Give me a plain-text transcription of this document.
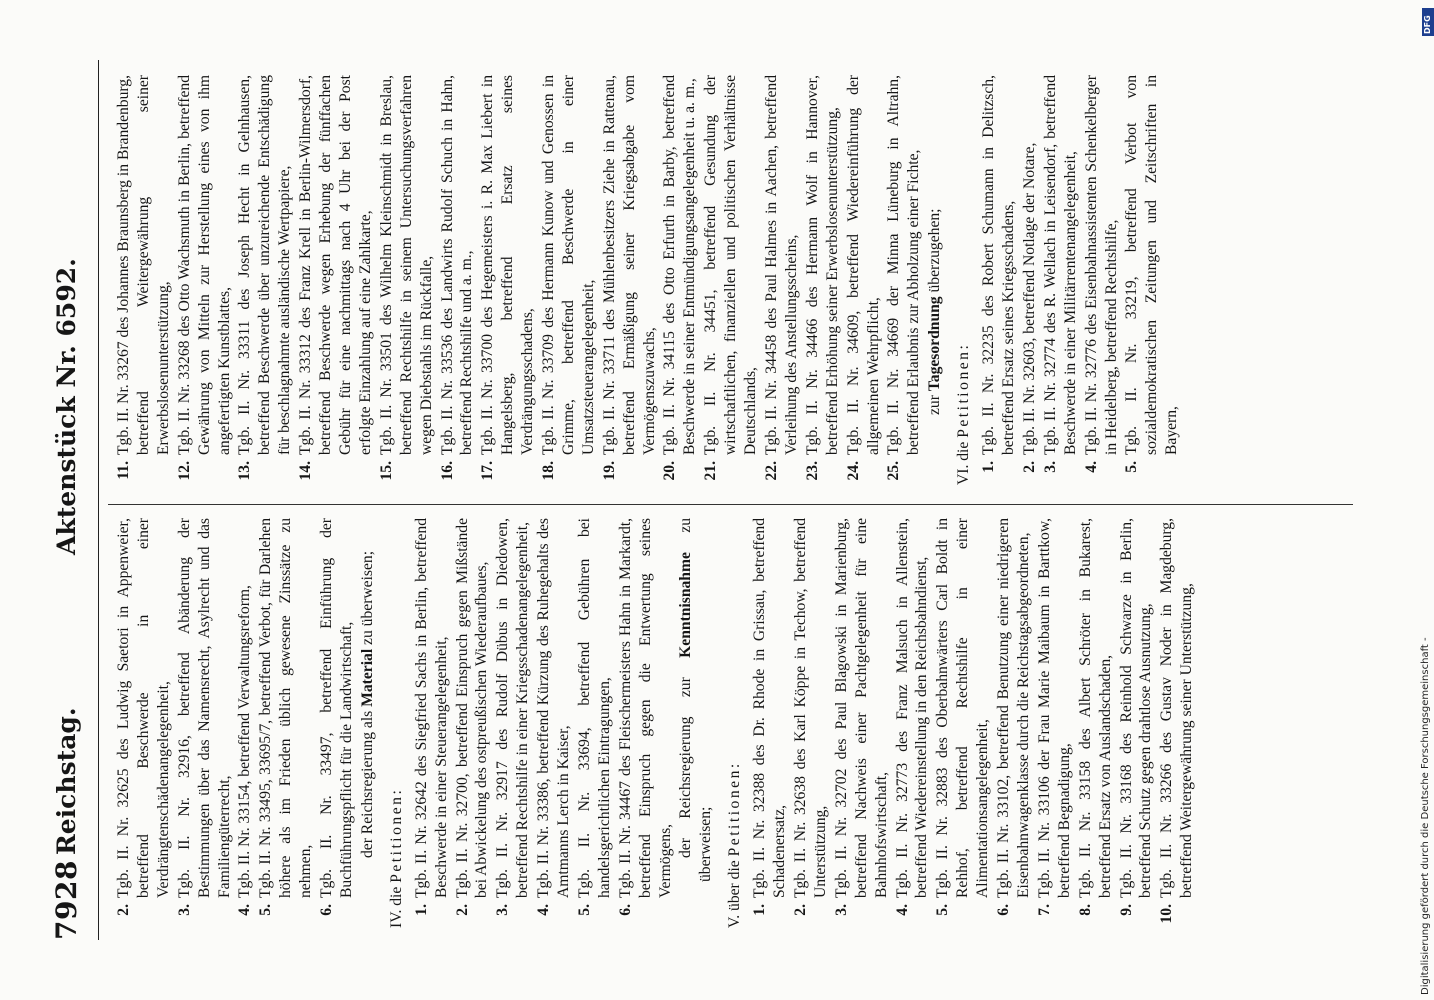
7928
Reichstag.
Aktenstück Nr. 6592.
2.
Tgb. II. Nr. 32625 des Ludwig Saetori in Appenweier, betreffend Beschwerde in einer Verdrängtenschädenangelegenheit,
3.
Tgb. II. Nr. 32916, betreffend Abänderung der Bestimmungen über das Namensrecht, Asylrecht und das Familiengüterrecht,
4.
Tgb. II. Nr. 33154, betreffend Verwaltungsreform,
5.
Tgb. II. Nr. 33495, 33695/7, betreffend Verbot, für Darlehen höhere als im Frieden üblich gewesene Zinssätze zu nehmen,
6.
Tgb. II. Nr. 33497, betreffend Einführung der Buchführungspflicht für die Landwirtschaft, der Reichsregierung als Material zu überweisen;
IV. die Petitionen:
1.
Tgb. II. Nr. 32642 des Siegfried Sachs in Berlin, betreffend Beschwerde in einer Steuerangelegenheit,
2.
Tgb. II. Nr. 32700, betreffend Einspruch gegen Mißstände bei Abwickelung des ostpreußischen Wiederaufbaues,
3.
Tgb. II. Nr. 32917 des Rudolf Dübus in Diedowen, betreffend Rechtshilfe in einer Kriegsschadenangelegenheit,
4.
Tgb. II. Nr. 33386, betreffend Kürzung des Ruhegehalts des Amtmanns Lerch in Kaiser,
5.
Tgb. II. Nr. 33694, betreffend Gebühren bei handelsgerichtlichen Eintragungen,
6.
Tgb. II. Nr. 34467 des Fleischermeisters Hahn in Markardt, betreffend Einspruch gegen die Entwertung seines Vermögens,
der Reichsregierung zur Kenntnisnahme zu überweisen;
V. über die Petitionen:
1.
Tgb. II. Nr. 32388 des Dr. Rhode in Grissau, betreffend Schadenersatz,
2.
Tgb. II. Nr. 32638 des Karl Köppe in Techow, betreffend Unterstützung,
3.
Tgb. II. Nr. 32702 des Paul Blagowski in Marienburg, betreffend Nachweis einer Pachtgelegenheit für eine Bahnhofswirtschaft,
4.
Tgb. II. Nr. 32773 des Franz Malsuch in Allenstein, betreffend Wiedereinstellung in den Reichsbahndienst,
5.
Tgb. II. Nr. 32883 des Oberbahnwärters Carl Boldt in Rehhof, betreffend Rechtshilfe in einer Alimentationsangelegenheit,
6.
Tgb. II. Nr. 33102, betreffend Benutzung einer niedrigeren Eisenbahnwagenklasse durch die Reichstagsabgeordneten,
7.
Tgb. II. Nr. 33106 der Frau Marie Maibaum in Barttkow, betreffend Begnadigung,
8.
Tgb. II. Nr. 33158 des Albert Schröter in Bukarest, betreffend Ersatz von Auslandschaden,
9.
Tgb. II. Nr. 33168 des Reinhold Schwarze in Berlin, betreffend Schutz gegen drahtlose Ausnutzung,
10.
Tgb. II. Nr. 33266 des Gustav Noder in Magdeburg, betreffend Weitergewährung seiner Unterstützung,
11.
Tgb. II. Nr. 33267 des Johannes Braunsberg in Brandenburg, betreffend Weitergewährung seiner Erwerbslosenunterstützung,
12.
Tgb. II. Nr. 33268 des Otto Wachsmuth in Berlin, betreffend Gewährung von Mitteln zur Herstellung eines von ihm angefertigten Kunstblattes,
13.
Tgb. II. Nr. 33311 des Joseph Hecht in Gelnhausen, betreffend Beschwerde über unzureichende Entschädigung für beschlagnahmte ausländische Wertpapiere,
14.
Tgb. II. Nr. 33312 des Franz Krell in Berlin-Wilmersdorf, betreffend Beschwerde wegen Erhebung der fünffachen Gebühr für eine nachmittags nach 4 Uhr bei der Post erfolgte Einzahlung auf eine Zahlkarte,
15.
Tgb. II. Nr. 33501 des Wilhelm Kleinschmidt in Breslau, betreffend Rechtshilfe in seinem Untersuchungsverfahren wegen Diebstahls im Rückfalle,
16.
Tgb. II. Nr. 33536 des Landwirts Rudolf Schuch in Hahn, betreffend Rechtshilfe und a. m.,
17.
Tgb. II. Nr. 33700 des Hegemeisters i. R. Max Liebert in Hangelsberg, betreffend Ersatz seines Verdrängungsschadens,
18.
Tgb. II. Nr. 33709 des Hermann Kunow und Genossen in Grimme, betreffend Beschwerde in einer Umsatzsteuerangelegenheit,
19.
Tgb. II. Nr. 33711 des Mühlenbesitzers Ziehe in Rattenau, betreffend Ermäßigung seiner Kriegsabgabe vom Vermögenszuwachs,
20.
Tgb. II. Nr. 34115 des Otto Erfurth in Barby, betreffend Beschwerde in seiner Entmündigungsangelegenheit u. a. m.,
21.
Tgb. II. Nr. 34451, betreffend Gesundung der wirtschaftlichen, finanziellen und politischen Verhältnisse Deutschlands,
22.
Tgb. II. Nr. 34458 des Paul Halmes in Aachen, betreffend Verleihung des Anstellungsscheins,
23.
Tgb. II. Nr. 34466 des Hermann Wolf in Hannover, betreffend Erhöhung seiner Erwerbslosenunterstützung,
24.
Tgb. II. Nr. 34609, betreffend Wiedereinführung der allgemeinen Wehrpflicht,
25.
Tgb. II. Nr. 34669 der Minna Lüneburg in Altrahn, betreffend Erlaubnis zur Abholzung einer Fichte, zur Tagesordnung überzugehen;
VI. die Petitionen:
1.
Tgb. II. Nr. 32235 des Robert Schumann in Delitzsch, betreffend Ersatz seines Kriegsschadens,
2.
Tgb. II. Nr. 32603, betreffend Notlage der Notare,
3.
Tgb. II. Nr. 32774 des R. Wellach in Leisendorf, betreffend Beschwerde in einer Militärrentenangelegenheit,
4.
Tgb. II. Nr. 32776 des Eisenbahnassistenten Schenkelberger in Heidelberg, betreffend Rechtshilfe,
5.
Tgb. II. Nr. 33219, betreffend Verbot von sozialdemokratischen Zeitungen und Zeitschriften in Bayern,
Digitalisierung gefördert durch die Deutsche Forschungsgemeinschaft -
DFG
